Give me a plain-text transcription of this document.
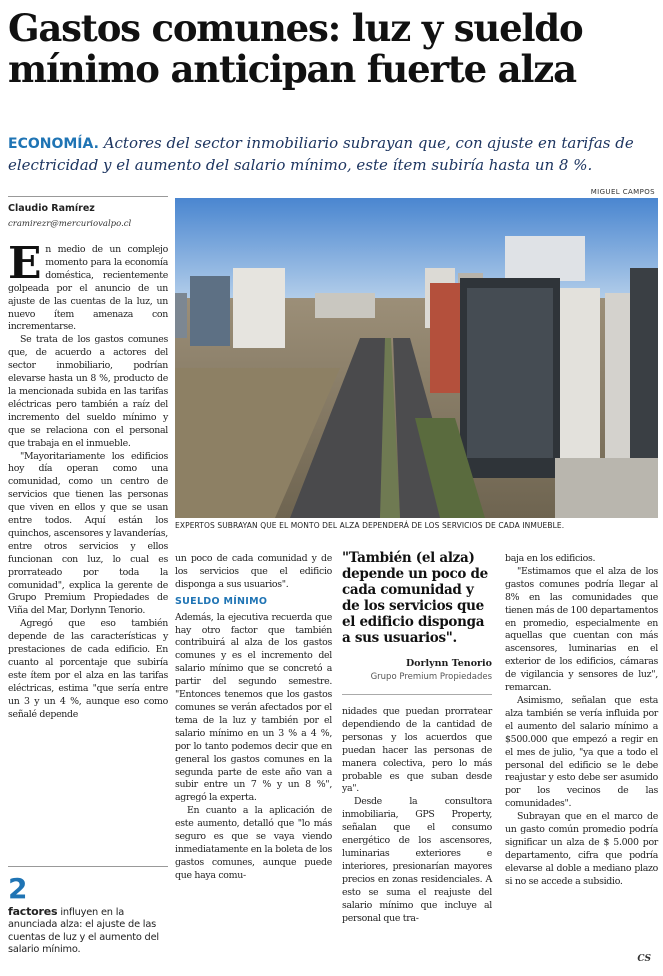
Gastos comunes: luz y sueldo mínimo anticipan fuerte alza
ECONOMÍA. Actores del sector inmobiliario subrayan que, con ajuste en tarifas de electricidad y el aumento del salario mínimo, este ítem subiría hasta un 8 %.
MIGUEL CAMPOS
EXPERTOS SUBRAYAN QUE EL MONTO DEL ALZA DEPENDERÁ DE LOS SERVICIOS DE CADA INMUEBLE.
Claudio Ramírez
cramirezr@mercuriovalpo.cl

En medio de un complejo momento para la economía doméstica, recientemente golpeada por el anuncio de un ajuste de las cuentas de la luz, un nuevo ítem amenaza con incrementarse.

Se trata de los gastos comunes que, de acuerdo a actores del sector inmobiliario, podrían elevarse hasta un 8 %, producto de la mencionada subida en las tarifas eléctricas pero también a raíz del incremento del sueldo mínimo y que se relaciona con el personal que trabaja en el inmueble.

"Mayoritariamente los edificios hoy día operan como una comunidad, como un centro de servicios que tienen las personas que viven en ellos y que se usan entre todos. Aquí están los quinchos, ascensores y lavanderías, entre otros servicios y ellos funcionan con luz, lo cual es prorrateado por toda la comunidad", explica la gerente de Grupo Premium Propiedades de Viña del Mar, Dorlynn Tenorio.

Agregó que eso también depende de las características y prestaciones de cada edificio. En cuanto al porcentaje que subiría este ítem por el alza en las tarifas eléctricas, estima "que sería entre un 3 y un 4 %, aunque eso como señalé depende

2
factores influyen en la anunciada alza: el ajuste de las cuentas de luz y el aumento del salario mínimo.

un poco de cada comunidad y de los servicios que el edificio disponga a sus usuarios".

SUELDO MÍNIMO

Además, la ejecutiva recuerda que hay otro factor que también contribuirá al alza de los gastos comunes y es el incremento del salario mínimo que se concretó a partir del segundo semestre. "Entonces tenemos que los gastos comunes se verán afectados por el tema de la luz y también por el salario mínimo en un 3 % a 4 %, por lo tanto podemos decir que en general los gastos comunes en la segunda parte de este año van a subir entre un 7 % y un 8 %", agregó la experta.

En cuanto a la aplicación de este aumento, detalló que "lo más seguro es que se vaya viendo inmediatamente en la boleta de los gastos comunes, aunque puede que haya comu-

"También (el alza) depende un poco de cada comunidad y de los servicios que el edificio disponga a sus usuarios".
Dorlynn Tenorio
Grupo Premium Propiedades

nidades que puedan prorratear dependiendo de la cantidad de personas y los acuerdos que puedan hacer las personas de manera colectiva, pero lo más probable es que suban desde ya".

Desde la consultora inmobiliaria, GPS Property, señalan que el consumo energético de los ascensores, luminarias exteriores e interiores, presionarían mayores precios en zonas residenciales. A esto se suma el reajuste del salario mínimo que incluye al personal que tra-

baja en los edificios.

"Estimamos que el alza de los gastos comunes podría llegar al 8% en las comunidades que tienen más de 100 departamentos en promedio, especialmente en aquellas que cuentan con más ascensores, luminarias en el exterior de los edificios, cámaras de vigilancia y sensores de luz", remarcan.

Asimismo, señalan que esta alza también se vería influida por el aumento del salario mínimo a $500.000 que empezó a regir en el mes de julio, "ya que a todo el personal del edificio se le debe reajustar y esto debe ser asumido por los vecinos de las comunidades".

Subrayan que en el marco de un gasto común promedio podría significar un alza de $ 5.000 por departamento, cifra que podría elevarse al doble a mediano plazo si no se accede a subsidio.

CS
